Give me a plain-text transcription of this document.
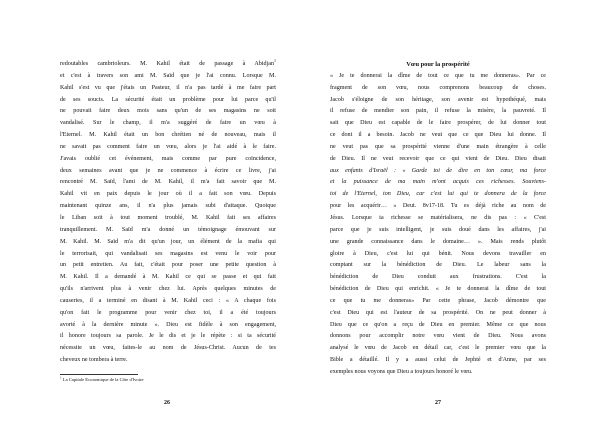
redoutables cambrioleurs. M. Kahil était de passage à Abidjan$^1$
et c'est à travers son ami M. Saïd que je l'ai connu. Lorsque M.
Kahil s'est vu que j'étais un Pasteur, il n'a pas tardé à me faire part
de ses soucis. La sécurité était un problème pour lui parce qu'il
ne pouvait faire deux mois sans qu'un de ses magasins ne soit
vandalisé. Sur le champ, il m'a suggéré de faire un vœu à
l'Eternel. M. Kahil était un bon chrétien né de nouveau, mais il
ne savait pas comment faire un vœu, alors je l'ai aidé à le faire.
J'avais oublié cet événement, mais comme par pure coïncidence,
deux semaines avant que je ne commence à écrire ce livre, j'ai
rencontré M. Saïd, l'ami de M. Kahil, il m'a fait savoir que M.
Kahil vit en paix depuis le jour où il a fait son vœu. Depuis
maintenant quinze ans, il n'a plus jamais subi d'attaque. Quoique
le Liban soit à tout moment troublé, M. Kahil fait ses affaires
tranquillement. M. Saïd m'a donné un témoignage émouvant sur
M. Kahil. M. Saïd m'a dit qu'un jour, un élément de la mafia qui
le terrorisait, qui vandalisait ses magasins est venu le voir pour
un petit entretien. Au fait, c'était pour poser une petite question à
M. Kahil. Il a demandé à M. Kahil ce qui se passe et qui fait
qu'ils n'arrivent plus à venir chez lui. Après quelques minutes de
causeries, il a terminé en disant à M. Kahil ceci : « A chaque fois
qu'on fait le programme pour venir chez toi, il a été toujours
avorté à la dernière minute ». Dieu est fidèle à son engagement,
il honore toujours sa parole. Je le dis et je le répète : si ta sécurité
nécessite un vœu, faites-le au nom de Jésus-Christ. Aucun de tes
cheveux ne tombera à terre.
$^1$ La Capitale Economique de la Côte d'Ivoire
26
Vœu pour la prospérité
« Je te donnerai la dîme de tout ce que tu me donneras». Par ce
fragment de son vœu, nous comprenons beaucoup de choses.
Jacob s'éloigne de son héritage, son avenir est hypothéqué, mais
il refuse de mendier son pain, il refuse la misère, la pauvreté. Il
sait que Dieu est capable de le faire prospérer, de lui donner tout
ce dont il a besoin. Jacob ne veut que ce que Dieu lui donne. Il
ne veut pas que sa prospérité vienne d'une main étrangère à celle
de Dieu. Il ne veut recevoir que ce qui vient de Dieu. Dieu disait
aux enfants d'Israël : « Garde toi de dire en ton cœur, ma force
et la puissance de ma main m'ont acquis ces richesses. Souviens-
toi de l'Eternel, ton Dieu, car c'est lui qui te donnera de la force
pour les acquérir… » Deut. 8v17-18. Tu es déjà riche au nom de
Jésus. Lorsque ta richesse se matérialisera, ne dis pas : « C'est
parce que je suis intelligent, je suis doué dans les affaires, j'ai
une grande connaissance dans le domaine… ». Mais rends plutôt
gloire à Dieu, c'est lui qui bénit. Nous devons travailler en
comptant sur la bénédiction de Dieu. Le labeur sans la
bénédiction de Dieu conduit aux frustrations. C'est la
bénédiction de Dieu qui enrichit. « Je te donnerai la dîme de tout
ce que tu me donneras» Par cette phrase, Jacob démontre que
c'est Dieu qui est l'auteur de sa prospérité. On ne peut donner à
Dieu que ce qu'on a reçu de Dieu en premier. Même ce que nous
donnons pour accomplir notre vœu vient de Dieu. Nous avons
analysé le vœu de Jacob en détail car, c'est le premier vœu que la
Bible a détaillé. Il y a aussi celui de Jephté et d'Anne, par ses
exemples nous voyons que Dieu a toujours honoré le vœu.
27
